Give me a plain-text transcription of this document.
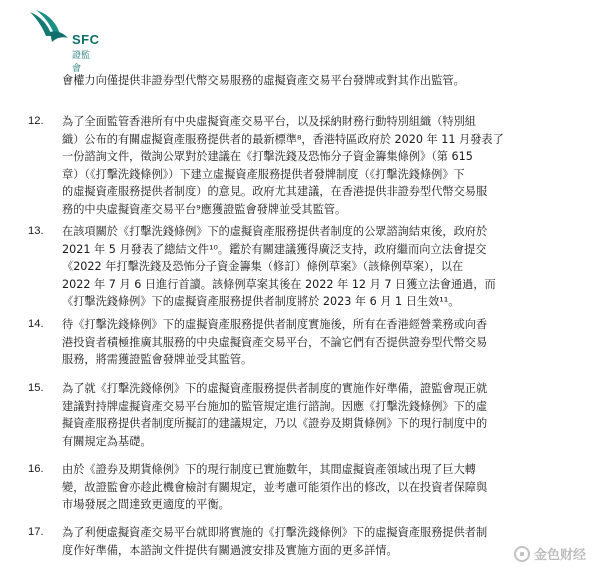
SFC
證監會
會權力向僅提供非證券型代幣交易服務的虛擬資產交易平台發牌或對其作出監管。
12. 為了全面監管香港所有中央虛擬資產交易平台，以及採納財務行動特別組織（特別組
織）公布的有關虛擬資產服務提供者的最新標準⁸，香港特區政府於 2020 年 11 月發表了
一份諮詢文件，徵詢公眾對於建議在《打擊洗錢及恐怖分子資金籌集條例》（第 615
章）（《打擊洗錢條例》）下建立虛擬資產服務提供者發牌制度（《打擊洗錢條例》下
的虛擬資產服務提供者制度）的意見。政府尤其建議，在香港提供非證券型代幣交易服
務的中央虛擬資產交易平台⁹應獲證監會發牌並受其監管。
13. 在該項關於《打擊洗錢條例》下的虛擬資產服務提供者制度的公眾諮詢結束後，政府於
2021 年 5 月發表了總結文件¹⁰。鑑於有關建議獲得廣泛支持，政府繼而向立法會提交
《2022 年打擊洗錢及恐怖分子資金籌集（修訂）條例草案》（該條例草案），以在
2022 年 7 月 6 日進行首讀。該條例草案其後在 2022 年 12 月 7 日獲立法會通過，而
《打擊洗錢條例》下的虛擬資產服務提供者制度將於 2023 年 6 月 1 日生效¹¹。
14. 待《打擊洗錢條例》下的虛擬資產服務提供者制度實施後，所有在香港經營業務或向香
港投資者積極推廣其服務的中央虛擬資產交易平台，不論它們有否提供證券型代幣交易
服務，將需獲證監會發牌並受其監管。
15. 為了就《打擊洗錢條例》下的虛擬資產服務提供者制度的實施作好準備，證監會現正就
建議對持牌虛擬資產交易平台施加的監管規定進行諮詢。因應《打擊洗錢條例》下的虛
擬資產服務提供者制度所擬訂的建議規定，乃以《證券及期貨條例》下的現行制度中的
有關規定為基礎。
16. 由於《證券及期貨條例》下的現行制度已實施數年，其間虛擬資產領域出現了巨大轉
變，故證監會亦趁此機會檢討有關規定，並考慮可能須作出的修改，以在投資者保障與
市場發展之間達致更適度的平衡。
17. 為了利便虛擬資產交易平台就即將實施的《打擊洗錢條例》下的虛擬資產服務提供者制
度作好準備，本諮詢文件提供有關過渡安排及實施方面的更多詳情。	金色财经
